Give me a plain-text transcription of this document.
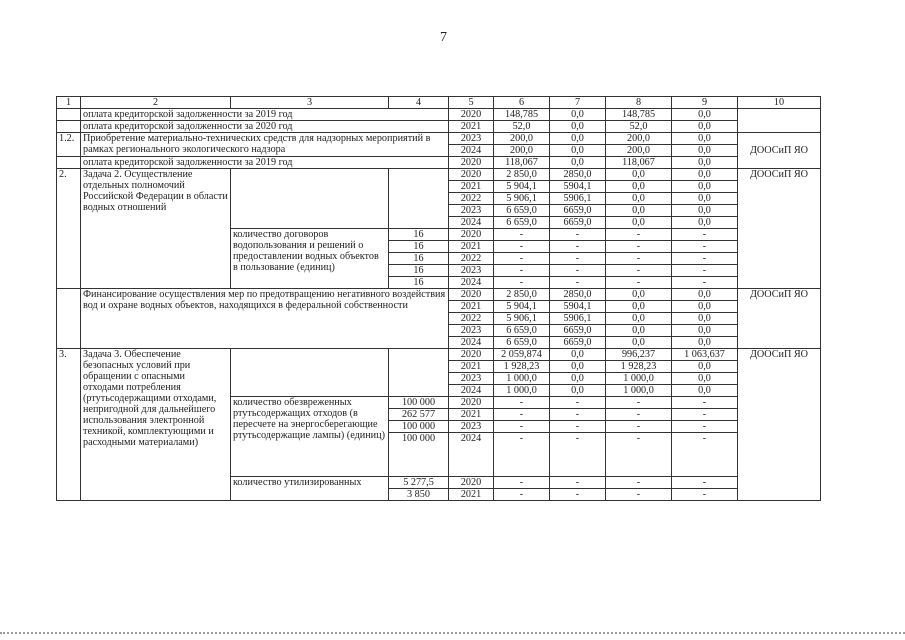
7
1	2	3	4	5	6	7	8	9	10
	оплата кредиторской задолженности за 2019 год			2020	148,785	0,0	148,785	0,0	
	оплата кредиторской задолженности за 2020 год			2021	52,0	0,0	52,0	0,0	
1.2.	Приобретение материально-технических средств для надзорных мероприятий в рамках регионального экологического надзора			2023	200,0	0,0	200,0	0,0	ДООСиП ЯО
				2024	200,0	0,0	200,0	0,0	
	оплата кредиторской задолженности за 2019 год			2020	118,067	0,0	118,067	0,0	
2.	Задача 2. Осуществление отдельных полномочий Российской Федерации в области водных отношений			2020	2 850,0	2850,0	0,0	0,0	ДООСиП ЯО
				2021	5 904,1	5904,1	0,0	0,0	
				2022	5 906,1	5906,1	0,0	0,0	
				2023	6 659,0	6659,0	0,0	0,0	
				2024	6 659,0	6659,0	0,0	0,0	
		количество договоров водопользования и решений о предоставлении водных объектов в пользование (единиц)	16	2020	-	-	-	-	
			16	2021	-	-	-	-	
			16	2022	-	-	-	-	
			16	2023	-	-	-	-	
			16	2024	-	-	-	-	
	Финансирование осуществления мер по предотвращению негативного воздействия вод и охране водных объектов, находящихся в федеральной собственности			2020	2 850,0	2850,0	0,0	0,0	ДООСиП ЯО
				2021	5 904,1	5904,1	0,0	0,0	
				2022	5 906,1	5906,1	0,0	0,0	
				2023	6 659,0	6659,0	0,0	0,0	
				2024	6 659,0	6659,0	0,0	0,0	
3.	Задача 3. Обеспечение безопасных условий при обращении с опасными отходами потребления (ртутьсодержащими отходами, непригодной для дальнейшего использования электронной техникой, комплектующими и расходными материалами)			2020	2 059,874	0,0	996,237	1 063,637	ДООСиП ЯО
				2021	1 928,23	0,0	1 928,23	0,0	
				2023	1 000,0	0,0	1 000,0	0,0	
				2024	1 000,0	0,0	1 000,0	0,0	
		количество обезвреженных ртутьсодержащих отходов (в пересчете на энергосберегающие ртутьсодержащие лампы) (единиц)	100 000	2020	-	-	-	-	
			262 577	2021	-	-	-	-	
			100 000	2023	-	-	-	-	
			100 000	2024	-	-	-	-	
		количество утилизированных	5 277,5	2020	-	-	-	-	
			3 850	2021	-	-	-	-	
